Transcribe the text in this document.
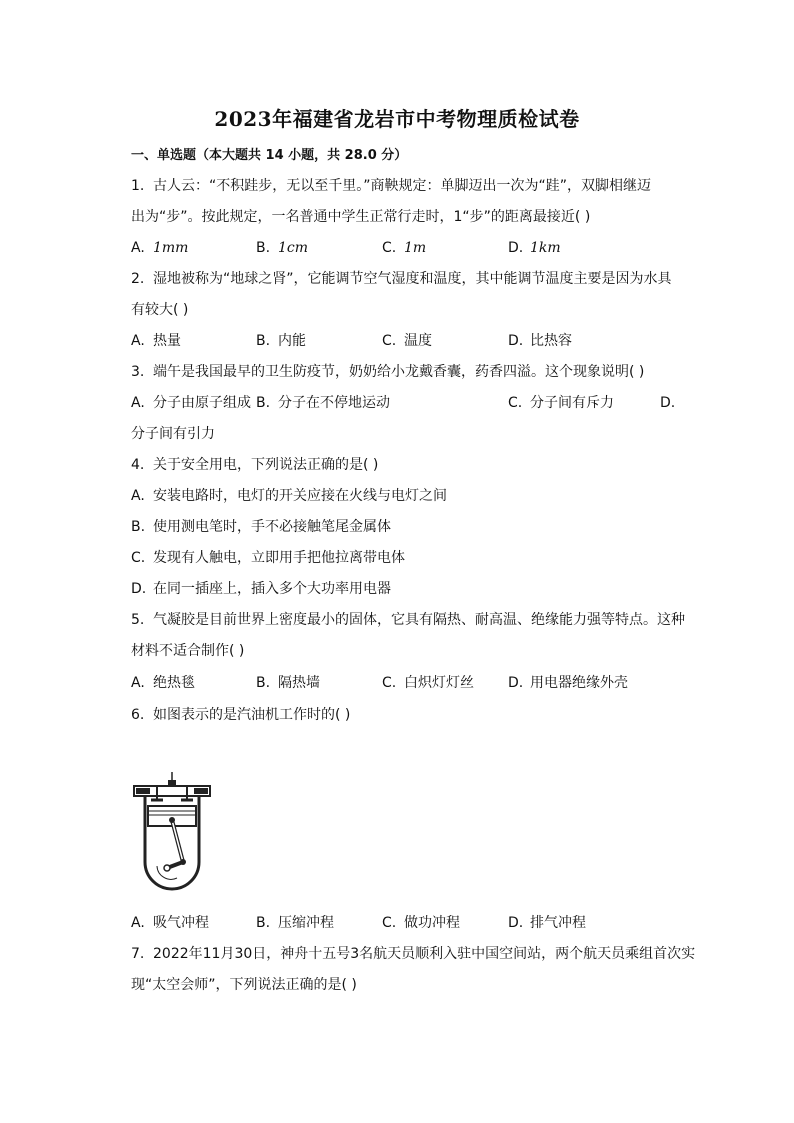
2023年福建省龙岩市中考物理质检试卷
一、单选题（本大题共 14 小题，共 28.0 分）
1. 古人云：“不积跬步，无以至千里。”商鞅规定：单脚迈出一次为“跬”，双脚相继迈
出为“步”。按此规定，一名普通中学生正常行走时，1“步”的距离最接近( )
A. 1mm	B. 1cm	C. 1m	D. 1km
2. 湿地被称为“地球之肾”，它能调节空气湿度和温度，其中能调节温度主要是因为水具
有较大( )
A. 热量	B. 内能	C. 温度	D. 比热容
3. 端午是我国最早的卫生防疫节，奶奶给小龙戴香囊，药香四溢。这个现象说明( )
A. 分子由原子组成 B. 分子在不停地运动	C. 分子间有斥力	D.
分子间有引力
4. 关于安全用电，下列说法正确的是( )
A. 安装电路时，电灯的开关应接在火线与电灯之间
B. 使用测电笔时，手不必接触笔尾金属体
C. 发现有人触电，立即用手把他拉离带电体
D. 在同一插座上，插入多个大功率用电器
5. 气凝胶是目前世界上密度最小的固体，它具有隔热、耐高温、绝缘能力强等特点。这种
材料不适合制作( )
A. 绝热毯	B. 隔热墙	C. 白炽灯灯丝 D. 用电器绝缘外壳
6. 如图表示的是汽油机工作时的( )
A. 吸气冲程	B. 压缩冲程	C. 做功冲程	D. 排气冲程
7. 2022年11月30日，神舟十五号3名航天员顺利入驻中国空间站，两个航天员乘组首次实
现“太空会师”，下列说法正确的是( )
